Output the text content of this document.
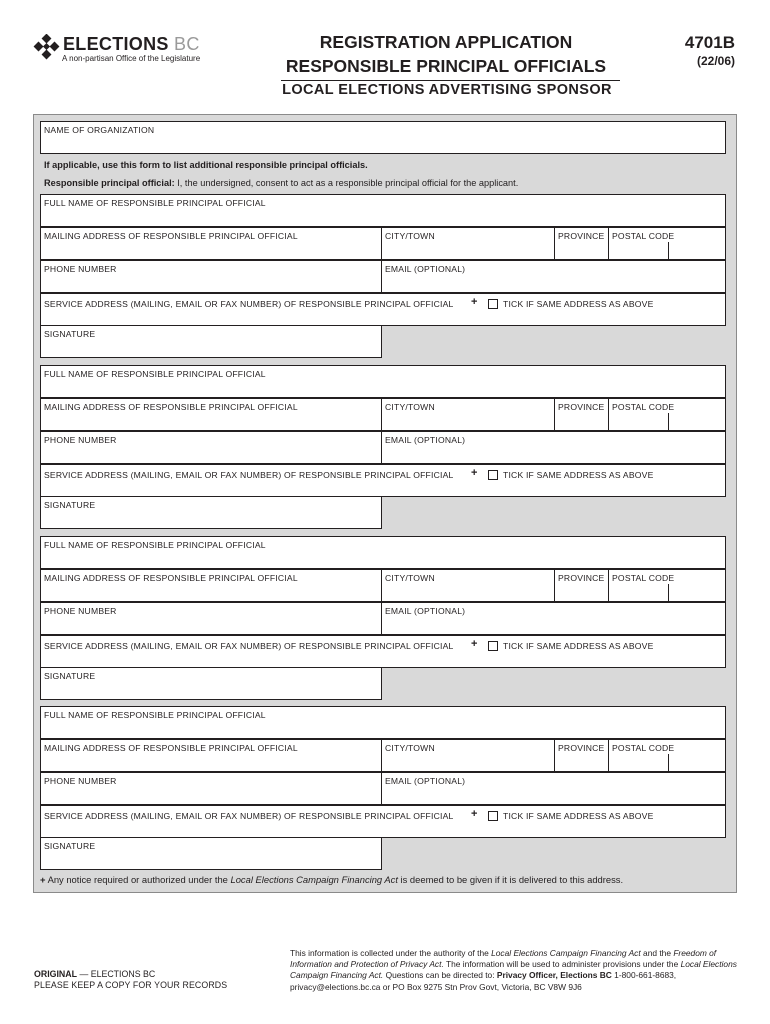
ELECTIONS BC
A non-partisan Office of the Legislature
REGISTRATION APPLICATION
RESPONSIBLE PRINCIPAL OFFICIALS
4701B
(22/06)
LOCAL ELECTIONS ADVERTISING SPONSOR
NAME OF ORGANIZATION
If applicable, use this form to list additional responsible principal officials.
Responsible principal official: I, the undersigned, consent to act as a responsible principal official for the applicant.
FULL NAME OF RESPONSIBLE PRINCIPAL OFFICIAL
MAILING ADDRESS OF RESPONSIBLE PRINCIPAL OFFICIAL	CITY/TOWN	PROVINCE POSTAL CODE
PHONE NUMBER	EMAIL (OPTIONAL)
SERVICE ADDRESS (MAILING, EMAIL OR FAX NUMBER) OF RESPONSIBLE PRINCIPAL OFFICIAL +	TICK IF SAME ADDRESS AS ABOVE
SIGNATURE
FULL NAME OF RESPONSIBLE PRINCIPAL OFFICIAL
MAILING ADDRESS OF RESPONSIBLE PRINCIPAL OFFICIAL	CITY/TOWN	PROVINCE POSTAL CODE
PHONE NUMBER	EMAIL (OPTIONAL)
SERVICE ADDRESS (MAILING, EMAIL OR FAX NUMBER) OF RESPONSIBLE PRINCIPAL OFFICIAL +	TICK IF SAME ADDRESS AS ABOVE
SIGNATURE
FULL NAME OF RESPONSIBLE PRINCIPAL OFFICIAL
MAILING ADDRESS OF RESPONSIBLE PRINCIPAL OFFICIAL	CITY/TOWN	PROVINCE POSTAL CODE
PHONE NUMBER	EMAIL (OPTIONAL)
SERVICE ADDRESS (MAILING, EMAIL OR FAX NUMBER) OF RESPONSIBLE PRINCIPAL OFFICIAL +	TICK IF SAME ADDRESS AS ABOVE
SIGNATURE
FULL NAME OF RESPONSIBLE PRINCIPAL OFFICIAL
MAILING ADDRESS OF RESPONSIBLE PRINCIPAL OFFICIAL	CITY/TOWN	PROVINCE POSTAL CODE
PHONE NUMBER	EMAIL (OPTIONAL)
SERVICE ADDRESS (MAILING, EMAIL OR FAX NUMBER) OF RESPONSIBLE PRINCIPAL OFFICIAL +	TICK IF SAME ADDRESS AS ABOVE
SIGNATURE
+ Any notice required or authorized under the Local Elections Campaign Financing Act is deemed to be given if it is delivered to this address.
ORIGINAL — ELECTIONS BC
PLEASE KEEP A COPY FOR YOUR RECORDS
This information is collected under the authority of the Local Elections Campaign Financing Act and the Freedom of Information and Protection of Privacy Act. The information will be used to administer provisions under the Local Elections Campaign Financing Act. Questions can be directed to: Privacy Officer, Elections BC 1-800-661-8683, privacy@elections.bc.ca or PO Box 9275 Stn Prov Govt, Victoria, BC V8W 9J6
